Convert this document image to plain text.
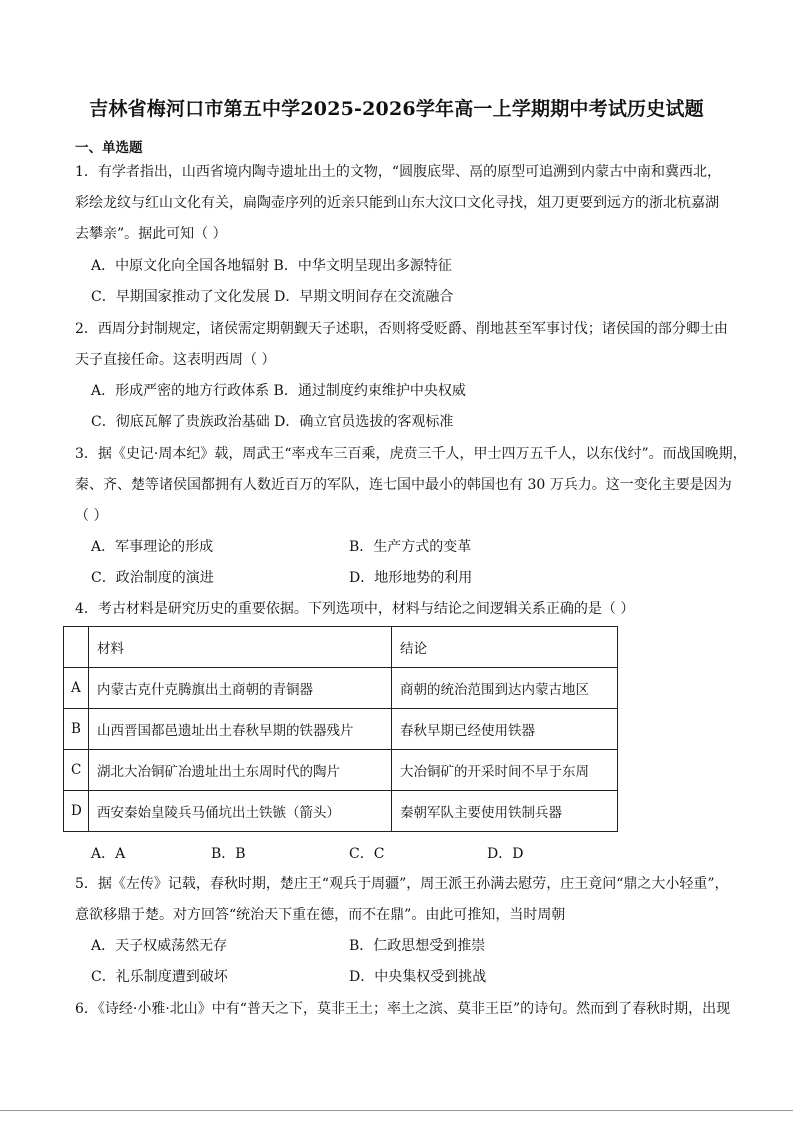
吉林省梅河口市第五中学2025-2026学年高一上学期期中考试历史试题
一、单选题
1．有学者指出，山西省境内陶寺遗址出土的文物，“圆腹底斝、鬲的原型可追溯到内蒙古中南和冀西北，
彩绘龙纹与红山文化有关，扁陶壶序列的近亲只能到山东大汶口文化寻找，俎刀更要到远方的浙北杭嘉湖
去攀亲”。据此可知（ ）
A．中原文化向全国各地辐射 B．中华文明呈现出多源特征
C．早期国家推动了文化发展 D．早期文明间存在交流融合
2．西周分封制规定，诸侯需定期朝觐天子述职，否则将受贬爵、削地甚至军事讨伐；诸侯国的部分卿士由
天子直接任命。这表明西周（ ）
A．形成严密的地方行政体系 B．通过制度约束维护中央权威
C．彻底瓦解了贵族政治基础 D．确立官员选拔的客观标准
3．据《史记·周本纪》载，周武王“率戎车三百乘，虎贲三千人，甲士四万五千人，以东伐纣”。而战国晚期，
秦、齐、楚等诸侯国都拥有人数近百万的军队，连七国中最小的韩国也有 30 万兵力。这一变化主要是因为
（ ）
A．军事理论的形成	B．生产方式的变革
C．政治制度的演进	D．地形地势的利用
4．考古材料是研究历史的重要依据。下列选项中，材料与结论之间逻辑关系正确的是（ ）
	材料	结论
A	内蒙古克什克腾旗出土商朝的青铜器	商朝的统治范围到达内蒙古地区
B	山西晋国都邑遗址出土春秋早期的铁器残片	春秋早期已经使用铁器
C	湖北大冶铜矿冶遗址出土东周时代的陶片	大冶铜矿的开采时间不早于东周
D	西安秦始皇陵兵马俑坑出土铁镞（箭头）	秦朝军队主要使用铁制兵器
A．A	B．B	C．C	D．D
5．据《左传》记载，春秋时期，楚庄王“观兵于周疆”，周王派王孙满去慰劳，庄王竟问“鼎之大小轻重”，
意欲移鼎于楚。对方回答“统治天下重在德，而不在鼎”。由此可推知，当时周朝
A．天子权威荡然无存	B．仁政思想受到推崇
C．礼乐制度遭到破坏	D．中央集权受到挑战
6．《诗经·小雅·北山》中有“普天之下，莫非王土；率土之滨、莫非王臣”的诗句。然而到了春秋时期，出现
